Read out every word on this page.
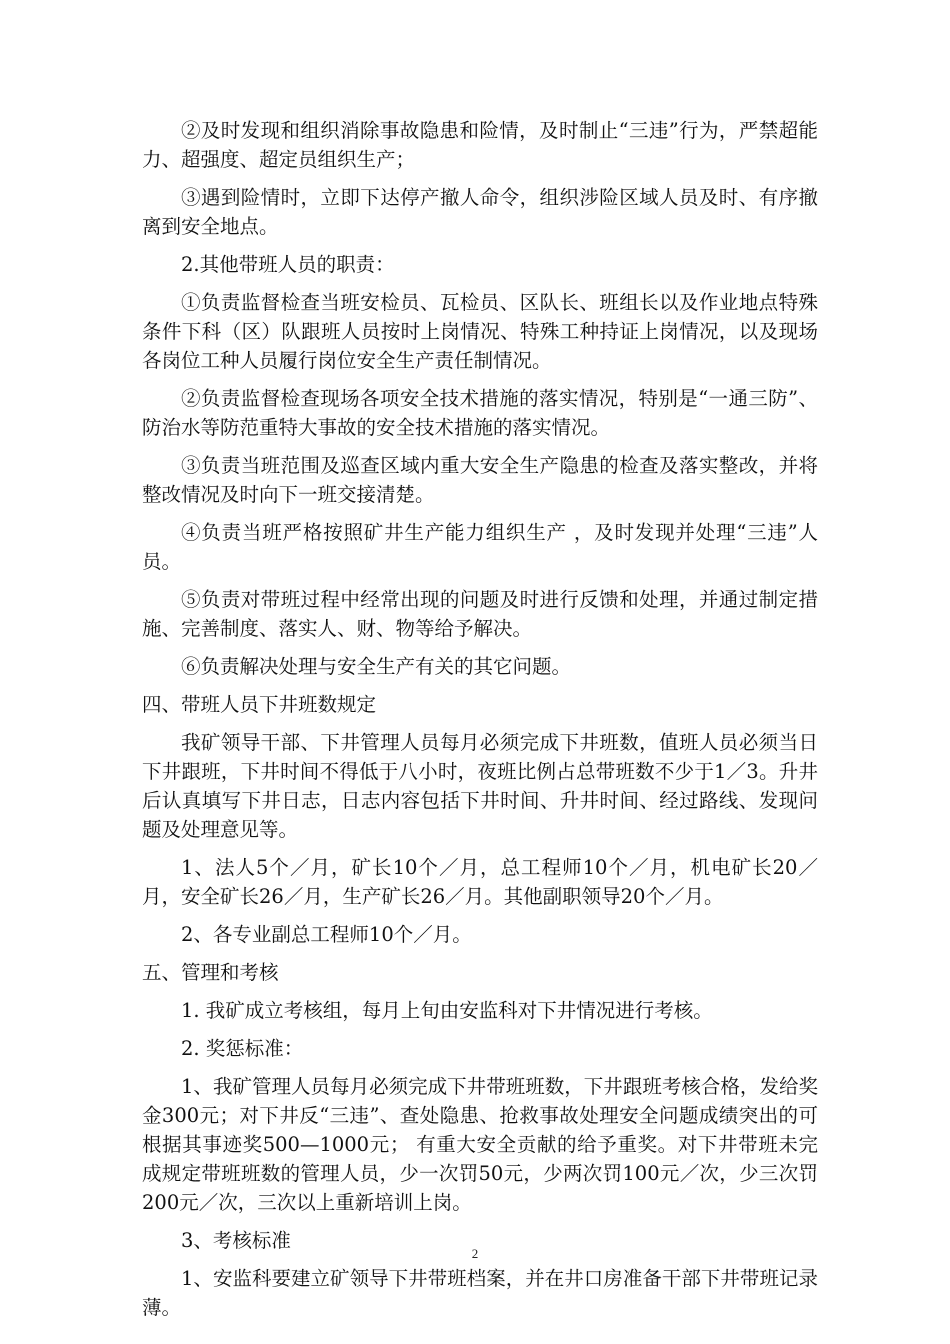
②及时发现和组织消除事故隐患和险情，及时制止“三违”行为，严禁超能力、超强度、超定员组织生产；

③遇到险情时，立即下达停产撤人命令，组织涉险区域人员及时、有序撤离到安全地点。

2.其他带班人员的职责：

①负责监督检查当班安检员、瓦检员、区队长、班组长以及作业地点特殊条件下科（区）队跟班人员按时上岗情况、特殊工种持证上岗情况，以及现场各岗位工种人员履行岗位安全生产责任制情况。

②负责监督检查现场各项安全技术措施的落实情况，特别是“一通三防”、防治水等防范重特大事故的安全技术措施的落实情况。

③负责当班范围及巡查区域内重大安全生产隐患的检查及落实整改，并将整改情况及时向下一班交接清楚。

④负责当班严格按照矿井生产能力组织生产 ，及时发现并处理“三违”人员。

⑤负责对带班过程中经常出现的问题及时进行反馈和处理，并通过制定措施、完善制度、落实人、财、物等给予解决。

⑥负责解决处理与安全生产有关的其它问题。

四、带班人员下井班数规定

我矿领导干部、下井管理人员每月必须完成下井班数，值班人员必须当日下井跟班，下井时间不得低于八小时，夜班比例占总带班数不少于1／3。升井后认真填写下井日志，日志内容包括下井时间、升井时间、经过路线、发现问题及处理意见等。

1、法人5个／月，矿长10个／月，总工程师10个／月，机电矿长20／月，安全矿长26／月，生产矿长26／月。其他副职领导20个／月。

2、各专业副总工程师10个／月。

五、管理和考核

1. 我矿成立考核组，每月上旬由安监科对下井情况进行考核。

2. 奖惩标准：

1、我矿管理人员每月必须完成下井带班班数，下井跟班考核合格，发给奖金300元；对下井反“三违”、查处隐患、抢救事故处理安全问题成绩突出的可根据其事迹奖500—1000元； 有重大安全贡献的给予重奖。对下井带班未完成规定带班班数的管理人员，少一次罚50元，少两次罚100元／次，少三次罚200元／次，三次以上重新培训上岗。

3、考核标准

1、安监科要建立矿领导下井带班档案，并在井口房准备干部下井带班记录薄。

2
